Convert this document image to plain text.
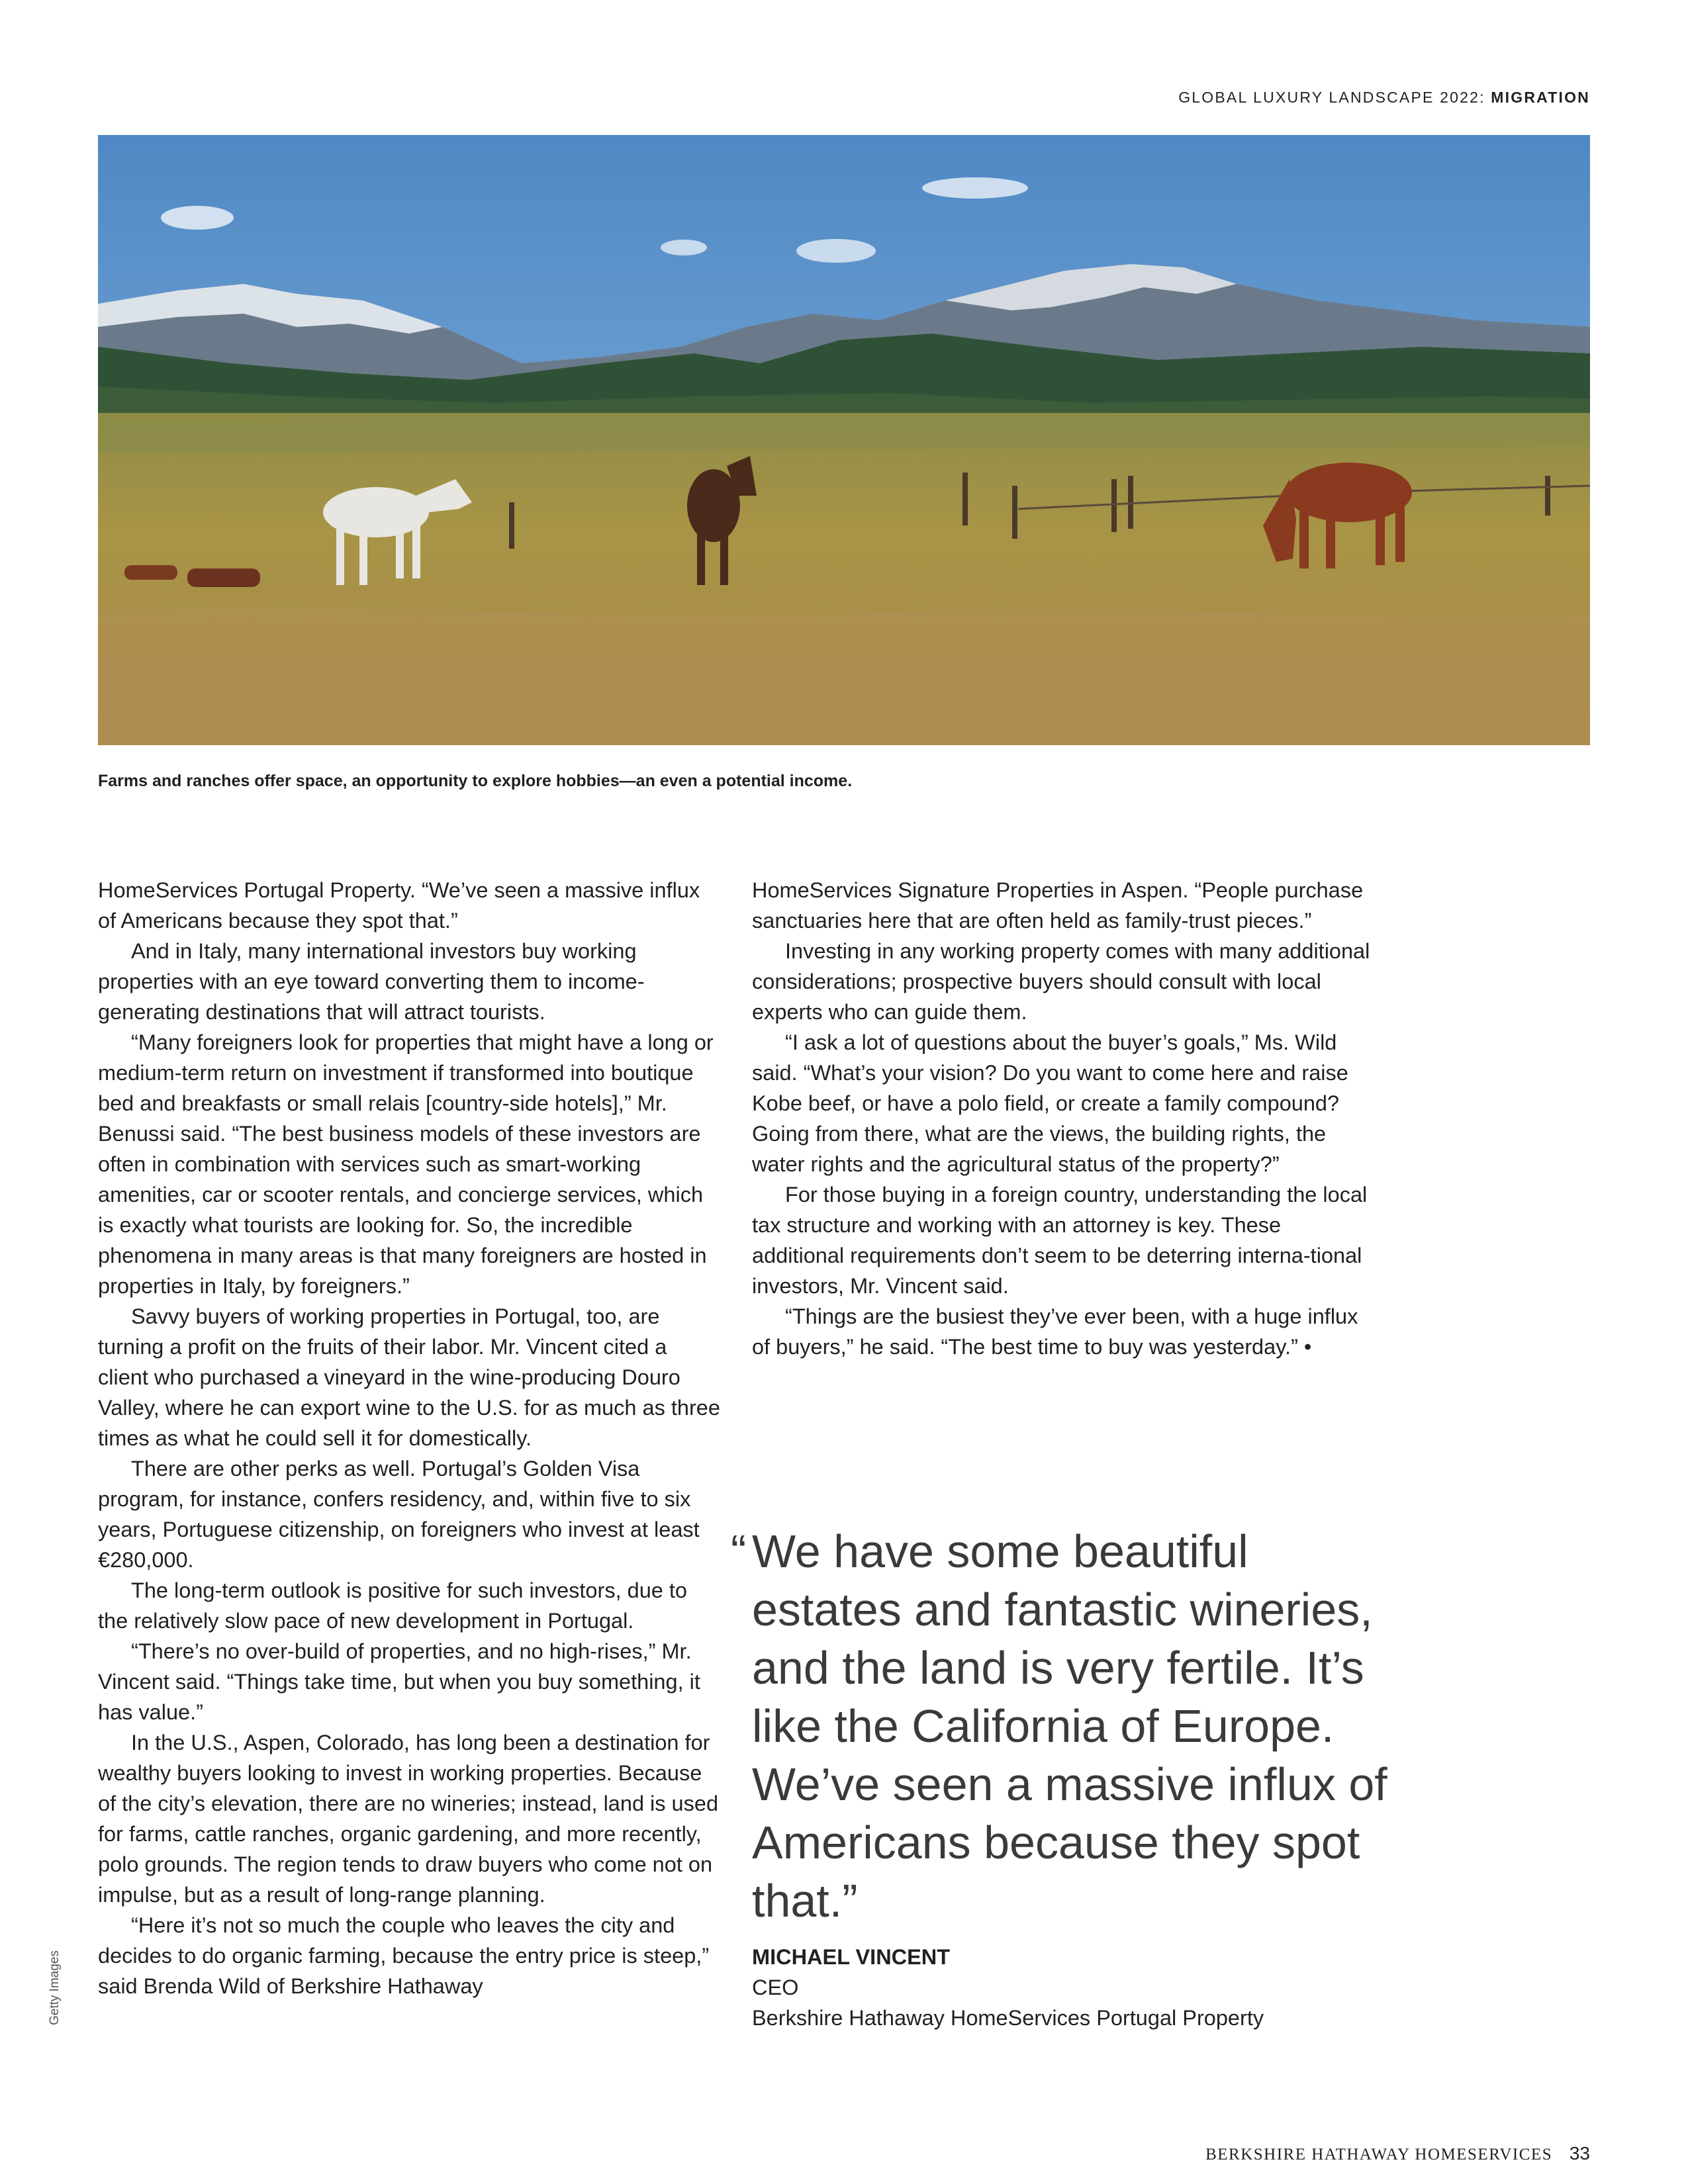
GLOBAL LUXURY LANDSCAPE 2022: MIGRATION
Farms and ranches offer space, an opportunity to explore hobbies—an even a potential income.

HomeServices Portugal Property. “We’ve seen a massive influx of Americans because they spot that.”

And in Italy, many international investors buy working properties with an eye toward converting them to income-generating destinations that will attract tourists.

“Many foreigners look for properties that might have a long or medium-term return on investment if transformed into boutique bed and breakfasts or small relais [country-side hotels],” Mr. Benussi said. “The best business models of these investors are often in combination with services such as smart-working amenities, car or scooter rentals, and concierge services, which is exactly what tourists are looking for. So, the incredible phenomena in many areas is that many foreigners are hosted in properties in Italy, by foreigners.”

Savvy buyers of working properties in Portugal, too, are turning a profit on the fruits of their labor. Mr. Vincent cited a client who purchased a vineyard in the wine-producing Douro Valley, where he can export wine to the U.S. for as much as three times as what he could sell it for domestically.

There are other perks as well. Portugal’s Golden Visa program, for instance, confers residency, and, within five to six years, Portuguese citizenship, on foreigners who invest at least €280,000.

The long-term outlook is positive for such investors, due to the relatively slow pace of new development in Portugal.

“There’s no over-build of properties, and no high-rises,” Mr. Vincent said. “Things take time, but when you buy something, it has value.”

In the U.S., Aspen, Colorado, has long been a destination for wealthy buyers looking to invest in working properties. Because of the city’s elevation, there are no wineries; instead, land is used for farms, cattle ranches, organic gardening, and more recently, polo grounds. The region tends to draw buyers who come not on impulse, but as a result of long-range planning.

“Here it’s not so much the couple who leaves the city and decides to do organic farming, because the entry price is steep,” said Brenda Wild of Berkshire Hathaway

HomeServices Signature Properties in Aspen. “People purchase sanctuaries here that are often held as family-trust pieces.”

Investing in any working property comes with many additional considerations; prospective buyers should consult with local experts who can guide them.

“I ask a lot of questions about the buyer’s goals,” Ms. Wild said. “What’s your vision? Do you want to come here and raise Kobe beef, or have a polo field, or create a family compound? Going from there, what are the views, the building rights, the water rights and the agricultural status of the property?”

For those buying in a foreign country, understanding the local tax structure and working with an attorney is key. These additional requirements don’t seem to be deterring interna-tional investors, Mr. Vincent said.

“Things are the busiest they’ve ever been, with a huge influx of buyers,” he said. “The best time to buy was yesterday.” •

“ We have some beautiful estates and fantastic wineries, and the land is very fertile. It’s like the California of Europe. We’ve seen a massive influx of Americans because they spot that.”
MICHAEL VINCENT
CEO
Berkshire Hathaway HomeServices Portugal Property
Getty Images
BERKSHIRE HATHAWAY HOMESERVICES 33
